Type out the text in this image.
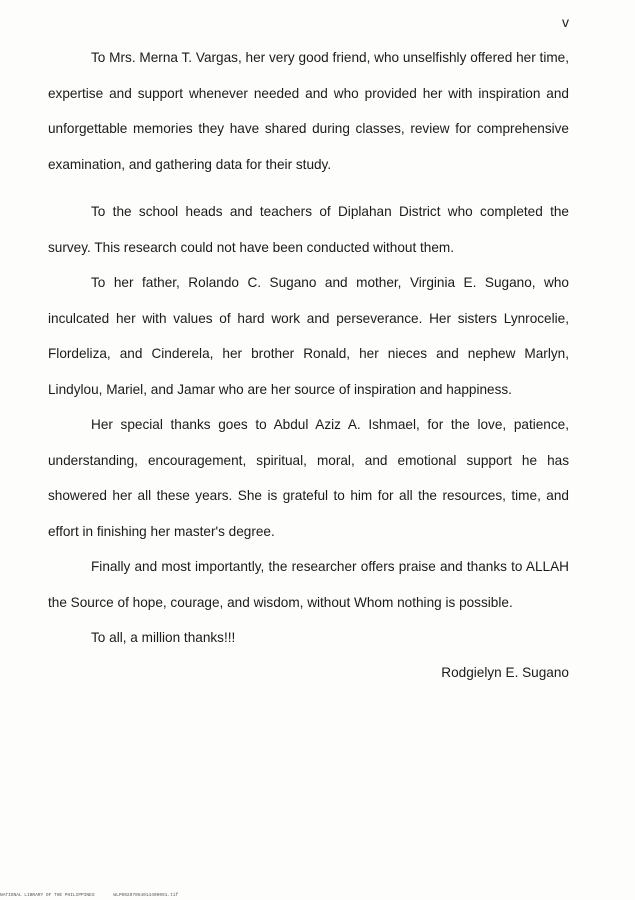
v

To Mrs. Merna T. Vargas, her very good friend, who unselfishly offered her time, expertise and support whenever needed and who provided her with inspiration and unforgettable memories they have shared during classes, review for comprehensive examination, and gathering data for their study.

To the school heads and teachers of Diplahan District who completed the survey. This research could not have been conducted without them.

To her father, Rolando C. Sugano and mother, Virginia E. Sugano, who inculcated her with values of hard work and perseverance. Her sisters Lynrocelie, Flordeliza, and Cinderela, her brother Ronald, her nieces and nephew Marlyn, Lindylou, Mariel, and Jamar who are her source of inspiration and happiness.

Her special thanks goes to Abdul Aziz A. Ishmael, for the love, patience, understanding, encouragement, spiritual, moral, and emotional support he has showered her all these years. She is grateful to him for all the resources, time, and effort in finishing her master's degree.

Finally and most importantly, the researcher offers praise and thanks to ALLAH the Source of hope, courage, and wisdom, without Whom nothing is possible.

To all, a million thanks!!!

Rodgielyn E. Sugano
NATIONAL LIBRARY OF THE PHILIPPINES	WLP00207054014400091.tif
